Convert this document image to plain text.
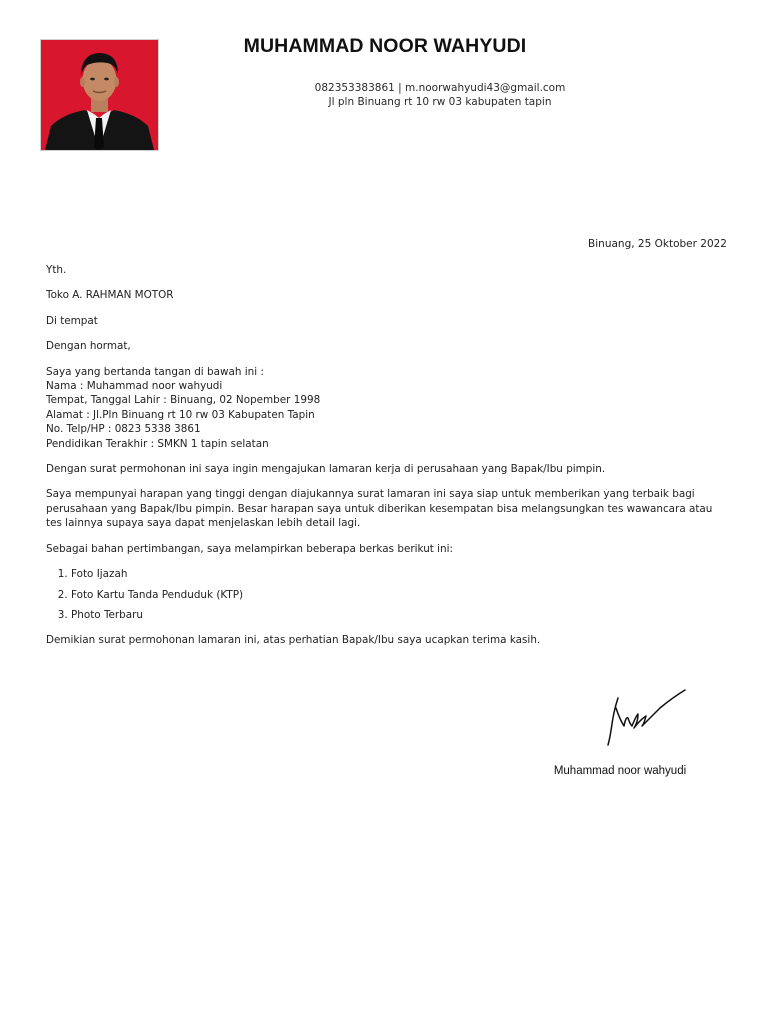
MUHAMMAD NOOR WAHYUDI
082353383861 | m.noorwahyudi43@gmail.com
Jl pln Binuang rt 10 rw 03 kabupaten tapin
Binuang, 25 Oktober 2022

Yth.

Toko A. RAHMAN MOTOR

Di tempat

Dengan hormat,

Saya yang bertanda tangan di bawah ini :
Nama : Muhammad noor wahyudi
Tempat, Tanggal Lahir : Binuang, 02 Nopember 1998
Alamat : Jl.Pln Binuang rt 10 rw 03 Kabupaten Tapin
No. Telp/HP : 0823 5338 3861
Pendidikan Terakhir : SMKN 1 tapin selatan

Dengan surat permohonan ini saya ingin mengajukan lamaran kerja di perusahaan yang Bapak/Ibu pimpin.

Saya mempunyai harapan yang tinggi dengan diajukannya surat lamaran ini saya siap untuk memberikan yang terbaik bagi perusahaan yang Bapak/Ibu pimpin. Besar harapan saya untuk diberikan kesempatan bisa melangsungkan tes wawancara atau tes lainnya supaya saya dapat menjelaskan lebih detail lagi.

Sebagai bahan pertimbangan, saya melampirkan beberapa berkas berikut ini:

1. Foto Ijazah
2. Foto Kartu Tanda Penduduk (KTP)
3. Photo Terbaru

Demikian surat permohonan lamaran ini, atas perhatian Bapak/Ibu saya ucapkan terima kasih.

Muhammad noor wahyudi
